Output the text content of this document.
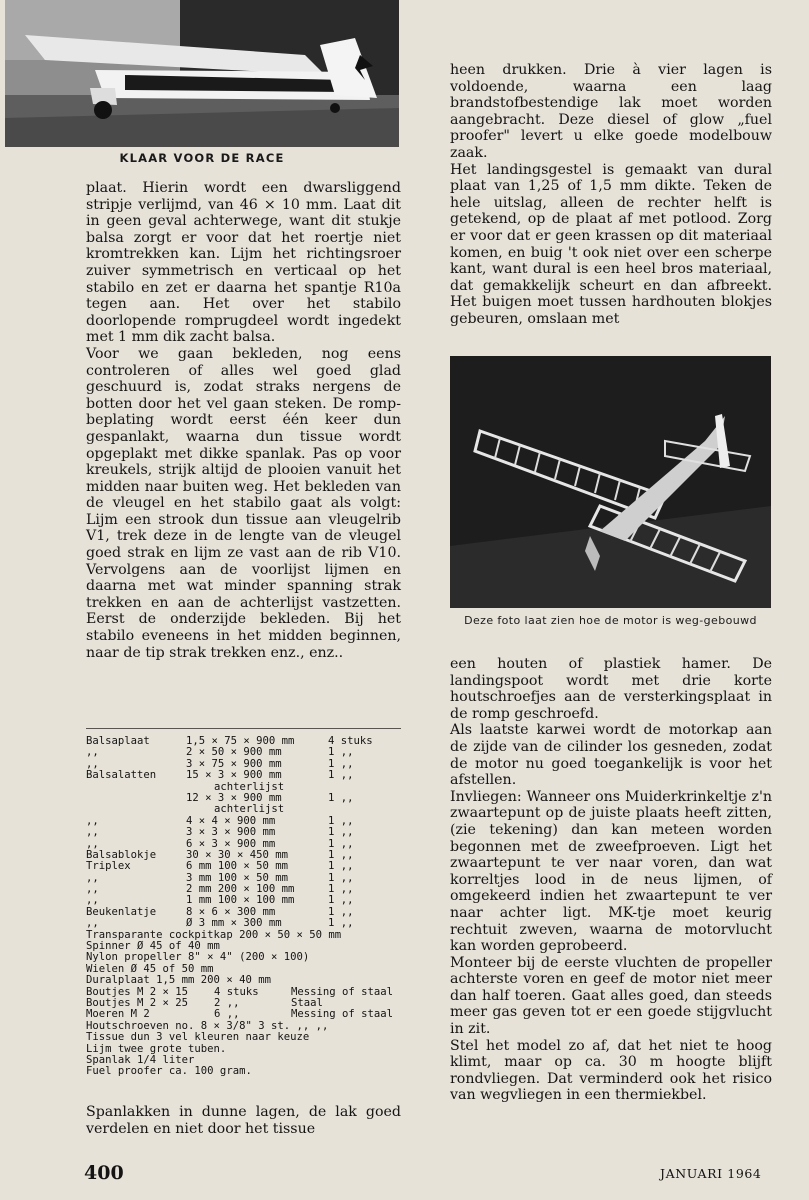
KLAAR VOOR DE RACE

plaat. Hierin wordt een dwarsliggend stripje verlijmd, van 46 × 10 mm. Laat dit in geen geval achterwege, want dit stukje balsa zorgt er voor dat het roertje niet kromtrekken kan. Lijm het richtingsroer zuiver symmetrisch en verticaal op het stabilo en zet er daarna het spantje R10a tegen aan. Het over het stabilo doorlopende romprugdeel wordt ingedekt met 1 mm dik zacht balsa.

Voor we gaan bekleden, nog eens controleren of alles wel goed glad geschuurd is, zodat straks nergens de botten door het vel gaan steken. De romp-beplating wordt eerst één keer dun gespanlakt, waarna dun tissue wordt opgeplakt met dikke spanlak. Pas op voor kreukels, strijk altijd de plooien vanuit het midden naar buiten weg. Het bekleden van de vleugel en het stabilo gaat als volgt: Lijm een strook dun tissue aan vleugelrib V1, trek deze in de lengte van de vleugel goed strak en lijm ze vast aan de rib V10. Vervolgens aan de voorlijst lijmen en daarna met wat minder spanning strak trekken en aan de achterlijst vastzetten. Eerst de onderzijde bekleden. Bij het stabilo eveneens in het midden beginnen, naar de tip strak trekken enz., enz..

Balsaplaat	1,5 × 75 × 900 mm	4 stuks
,,	2 × 50 × 900 mm	1 ,,
,,	3 × 75 × 900 mm	1 ,,
Balsalatten	15 × 3 × 900 mm	1 ,,
achterlijst
12 × 3 × 900 mm	1 ,,
achterlijst
,,	4 × 4 × 900 mm	1 ,,
,,	3 × 3 × 900 mm	1 ,,
,,	6 × 3 × 900 mm	1 ,,
Balsablokje	30 × 30 × 450 mm	1 ,,
Triplex	6 mm 100 × 50 mm	1 ,,
,,	3 mm 100 × 50 mm	1 ,,
,,	2 mm 200 × 100 mm	1 ,,
,,	1 mm 100 × 100 mm	1 ,,
Beukenlatje	8 × 6 × 300 mm	1 ,,
,,	Ø 3 mm × 300 mm	1 ,,
Transparante cockpitkap 200 × 50 × 50 mm
Spinner Ø 45 of 40 mm
Nylon propeller 8" × 4" (200 × 100)
Wielen Ø 45 of 50 mm
Duralplaat 1,5 mm 200 × 40 mm
Boutjes M 2 × 15 4 stuks	Messing of staal
Boutjes M 2 × 25 2 ,,	Staal
Moeren M 2	6 ,,	Messing of staal
Houtschroeven no. 8 × 3/8" 3 st. ,, ,,
Tissue dun 3 vel kleuren naar keuze
Lijm twee grote tuben.
Spanlak 1/4 liter
Fuel proofer ca. 100 gram.
Spanlakken in dunne lagen, de lak goed verdelen en niet door het tissue

heen drukken. Drie à vier lagen is voldoende, waarna een laag brandstofbestendige lak moet worden aangebracht. Deze diesel of glow „fuel proofer" levert u elke goede modelbouw zaak.

Het landingsgestel is gemaakt van dural plaat van 1,25 of 1,5 mm dikte. Teken de hele uitslag, alleen de rechter helft is getekend, op de plaat af met potlood. Zorg er voor dat er geen krassen op dit materiaal komen, en buig 't ook niet over een scherpe kant, want dural is een heel bros materiaal, dat gemakkelijk scheurt en dan afbreekt. Het buigen moet tussen hardhouten blokjes gebeuren, omslaan met

Deze foto laat zien hoe de motor is weg-gebouwd

een houten of plastiek hamer. De landingspoot wordt met drie korte houtschroefjes aan de versterkingsplaat in de romp geschroefd.

Als laatste karwei wordt de motorkap aan de zijde van de cilinder los gesneden, zodat de motor nu goed toegankelijk is voor het afstellen.

Invliegen: Wanneer ons Muiderkrinkeltje z'n zwaartepunt op de juiste plaats heeft zitten, (zie tekening) dan kan meteen worden begonnen met de zweefproeven. Ligt het zwaartepunt te ver naar voren, dan wat korreltjes lood in de neus lijmen, of omgekeerd indien het zwaartepunt te ver naar achter ligt. MK-tje moet keurig rechtuit zweven, waarna de motorvlucht kan worden geprobeerd.

Monteer bij de eerste vluchten de propeller achterste voren en geef de motor niet meer dan half toeren. Gaat alles goed, dan steeds meer gas geven tot er een goede stijgvlucht in zit.

Stel het model zo af, dat het niet te hoog klimt, maar op ca. 30 m hoogte blijft rondvliegen. Dat verminderd ook het risico van wegvliegen in een thermiekbel.

400	JANUARI 1964
